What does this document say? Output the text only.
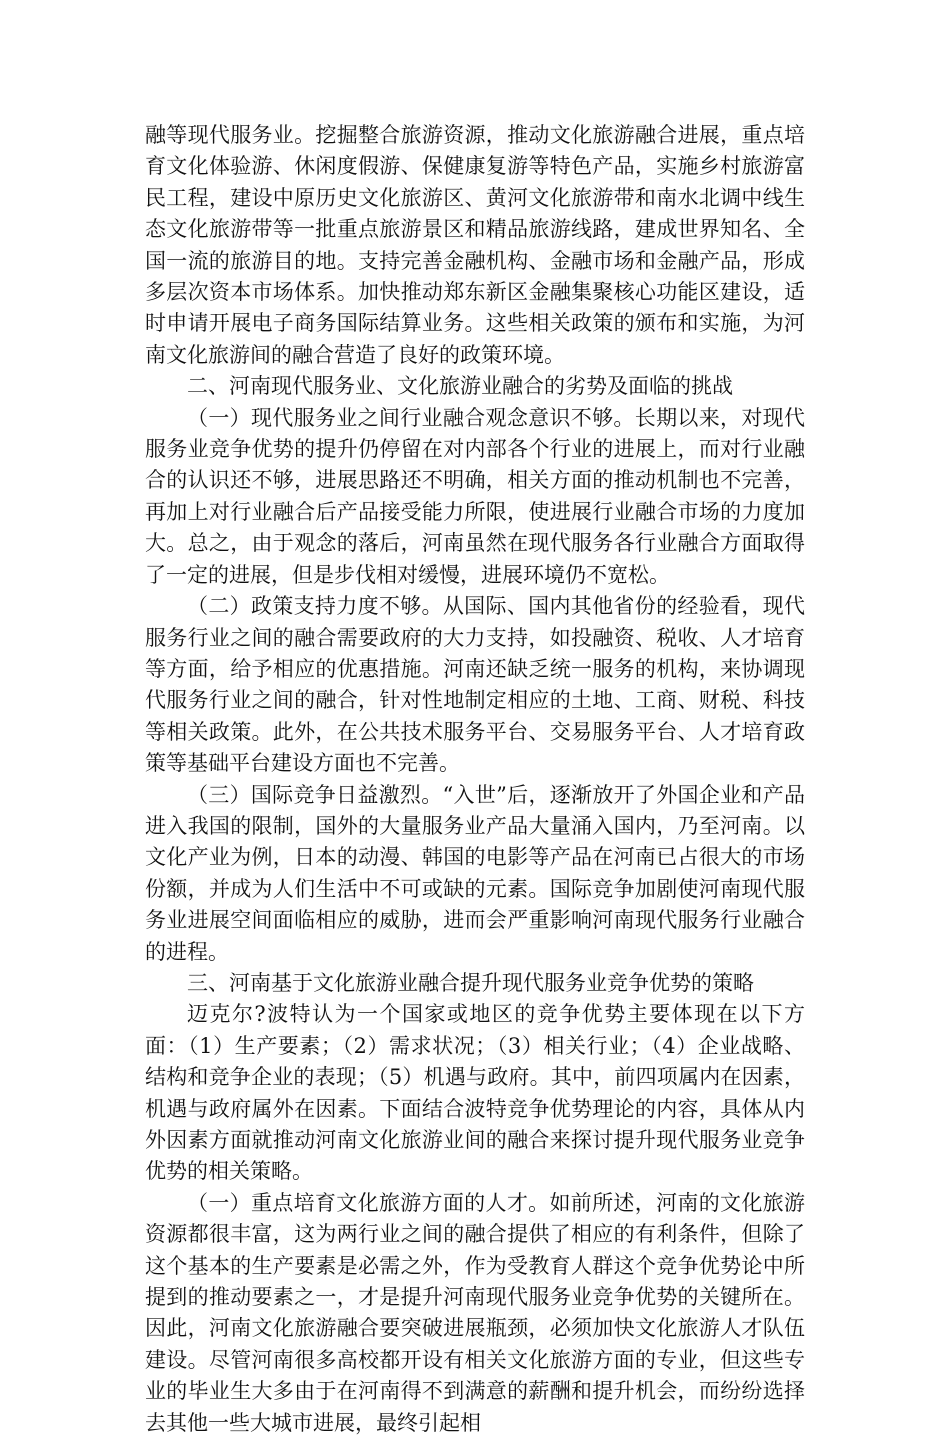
融等现代服务业。挖掘整合旅游资源，推动文化旅游融合进展，重点培育文化体验游、休闲度假游、保健康复游等特色产品，实施乡村旅游富民工程，建设中原历史文化旅游区、黄河文化旅游带和南水北调中线生态文化旅游带等一批重点旅游景区和精品旅游线路，建成世界知名、全国一流的旅游目的地。支持完善金融机构、金融市场和金融产品，形成多层次资本市场体系。加快推动郑东新区金融集聚核心功能区建设，适时申请开展电子商务国际结算业务。这些相关政策的颁布和实施，为河南文化旅游间的融合营造了良好的政策环境。

二、河南现代服务业、文化旅游业融合的劣势及面临的挑战

（一）现代服务业之间行业融合观念意识不够。长期以来，对现代服务业竞争优势的提升仍停留在对内部各个行业的进展上，而对行业融合的认识还不够，进展思路还不明确，相关方面的推动机制也不完善，再加上对行业融合后产品接受能力所限，使进展行业融合市场的力度加大。总之，由于观念的落后，河南虽然在现代服务各行业融合方面取得了一定的进展，但是步伐相对缓慢，进展环境仍不宽松。

（二）政策支持力度不够。从国际、国内其他省份的经验看，现代服务行业之间的融合需要政府的大力支持，如投融资、税收、人才培育等方面，给予相应的优惠措施。河南还缺乏统一服务的机构，来协调现代服务行业之间的融合，针对性地制定相应的土地、工商、财税、科技等相关政策。此外，在公共技术服务平台、交易服务平台、人才培育政策等基础平台建设方面也不完善。

（三）国际竞争日益激烈。“入世”后，逐渐放开了外国企业和产品进入我国的限制，国外的大量服务业产品大量涌入国内，乃至河南。以文化产业为例，日本的动漫、韩国的电影等产品在河南已占很大的市场份额，并成为人们生活中不可或缺的元素。国际竞争加剧使河南现代服务业进展空间面临相应的威胁，进而会严重影响河南现代服务行业融合的进程。

三、河南基于文化旅游业融合提升现代服务业竞争优势的策略

迈克尔?波特认为一个国家或地区的竞争优势主要体现在以下方面：（1）生产要素；（2）需求状况；（3）相关行业；（4）企业战略、结构和竞争企业的表现；（5）机遇与政府。其中，前四项属内在因素，机遇与政府属外在因素。下面结合波特竞争优势理论的内容，具体从内外因素方面就推动河南文化旅游业间的融合来探讨提升现代服务业竞争优势的相关策略。

（一）重点培育文化旅游方面的人才。如前所述，河南的文化旅游资源都很丰富，这为两行业之间的融合提供了相应的有利条件，但除了这个基本的生产要素是必需之外，作为受教育人群这个竞争优势论中所提到的推动要素之一，才是提升河南现代服务业竞争优势的关键所在。因此，河南文化旅游融合要突破进展瓶颈，必须加快文化旅游人才队伍建设。尽管河南很多高校都开设有相关文化旅游方面的专业，但这些专业的毕业生大多由于在河南得不到满意的薪酬和提升机会，而纷纷选择去其他一些大城市进展，最终引起相
